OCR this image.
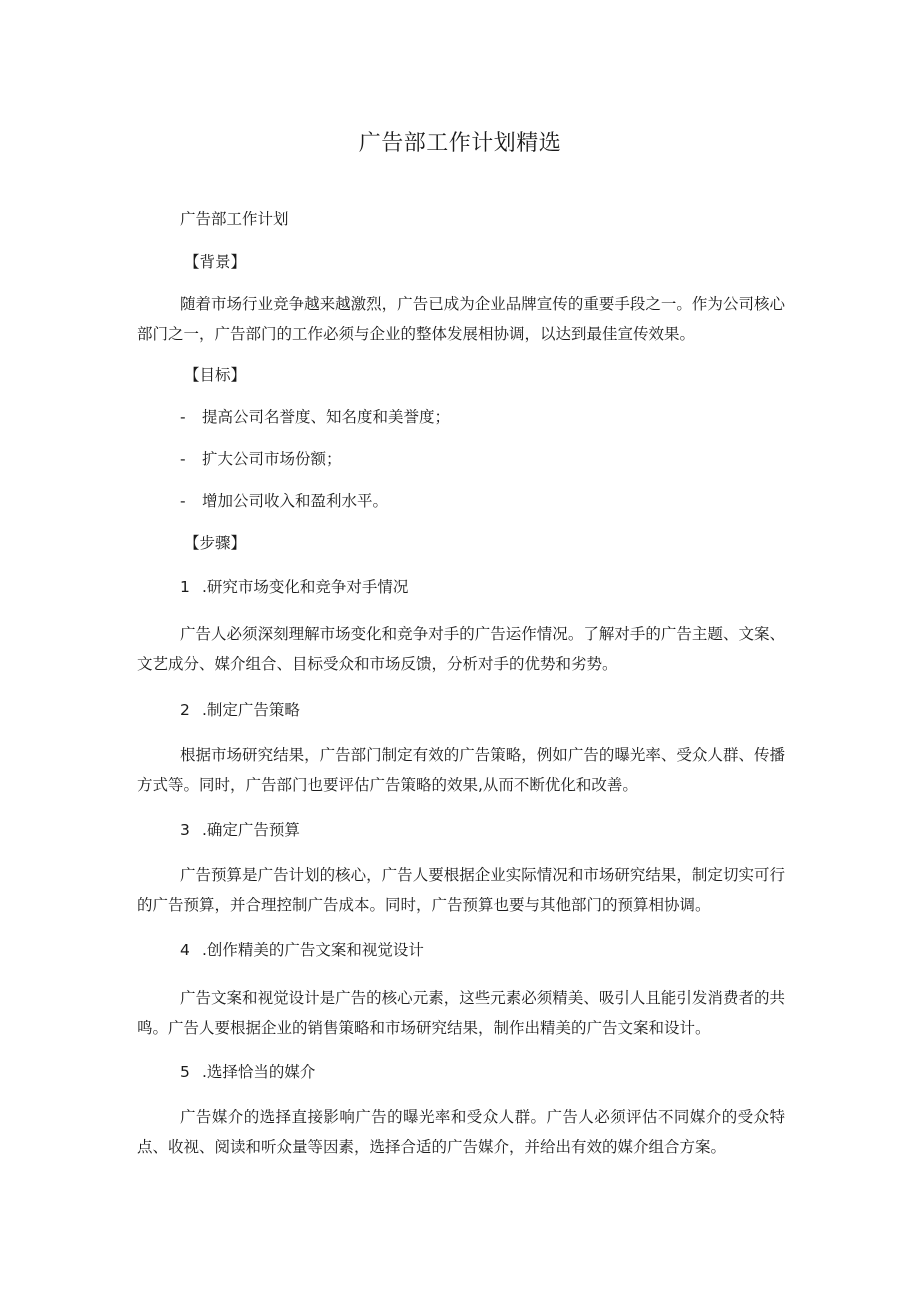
广告部工作计划精选
广告部工作计划
【背景】
随着市场行业竞争越来越激烈，广告已成为企业品牌宣传的重要手段之一。作为公司核心部门之一，广告部门的工作必须与企业的整体发展相协调，以达到最佳宣传效果。
【目标】
- 提高公司名誉度、知名度和美誉度；
- 扩大公司市场份额；
- 增加公司收入和盈利水平。
【步骤】
1 .研究市场变化和竞争对手情况
广告人必须深刻理解市场变化和竞争对手的广告运作情况。了解对手的广告主题、文案、文艺成分、媒介组合、目标受众和市场反馈，分析对手的优势和劣势。
2 .制定广告策略
根据市场研究结果，广告部门制定有效的广告策略，例如广告的曝光率、受众人群、传播方式等。同时，广告部门也要评估广告策略的效果,从而不断优化和改善。
3 .确定广告预算
广告预算是广告计划的核心，广告人要根据企业实际情况和市场研究结果，制定切实可行的广告预算，并合理控制广告成本。同时，广告预算也要与其他部门的预算相协调。
4 .创作精美的广告文案和视觉设计
广告文案和视觉设计是广告的核心元素，这些元素必须精美、吸引人且能引发消费者的共鸣。广告人要根据企业的销售策略和市场研究结果，制作出精美的广告文案和设计。
5 .选择恰当的媒介
广告媒介的选择直接影响广告的曝光率和受众人群。广告人必须评估不同媒介的受众特点、收视、阅读和听众量等因素，选择合适的广告媒介，并给出有效的媒介组合方案。
